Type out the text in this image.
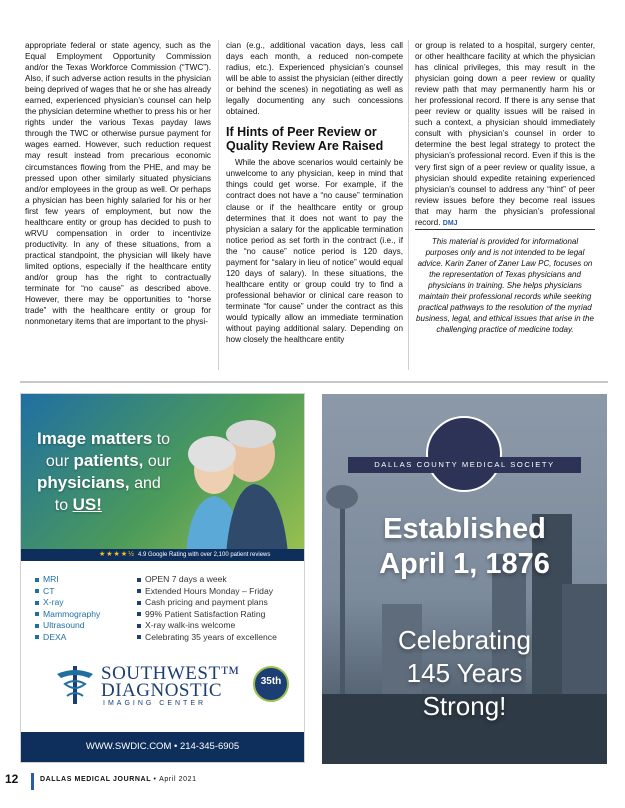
appropriate federal or state agency, such as the Equal Employment Opportunity Commission and/or the Texas Workforce Commission (“TWC”). Also, if such adverse action results in the physician being deprived of wages that he or she has already earned, experienced physician’s counsel can help the physician determine whether to press his or her rights under the various Texas payday laws through the TWC or otherwise pursue payment for wages earned. However, such reduction request may result instead from precarious economic circumstances flowing from the PHE, and may be pressed upon other similarly situated physicians and/or employees in the group as well. Or perhaps a physician has been highly salaried for his or her first few years of employment, but now the healthcare entity or group has decided to push to wRVU compensation in order to incentivize productivity. In any of these situations, from a practical standpoint, the physician will likely have limited options, especially if the healthcare entity and/or group has the right to contractually terminate for “no cause” as described above. However, there may be opportunities to “horse trade” with the healthcare entity or group for nonmonetary items that are important to the physi-

cian (e.g., additional vacation days, less call days each month, a reduced non-compete radius, etc.). Experienced physician’s counsel will be able to assist the physician (either directly or behind the scenes) in negotiating as well as legally documenting any such concessions obtained.

If Hints of Peer Review or Quality Review Are Raised

While the above scenarios would certainly be unwelcome to any physician, keep in mind that things could get worse. For example, if the contract does not have a “no cause” termination clause or if the healthcare entity or group determines that it does not want to pay the physician a salary for the applicable termination notice period as set forth in the contract (i.e., if the “no cause” notice period is 120 days, payment for “salary in lieu of notice” would equal 120 days of salary). In these situations, the healthcare entity or group could try to find a professional behavior or clinical care reason to terminate “for cause” under the contract as this would typically allow an immediate termination without paying additional salary. Depending on how closely the healthcare entity

or group is related to a hospital, surgery center, or other healthcare facility at which the physician has clinical privileges, this may result in the physician going down a peer review or quality review path that may permanently harm his or her professional record. If there is any sense that peer review or quality issues will be raised in such a context, a physician should immediately consult with physician’s counsel in order to determine the best legal strategy to protect the physician’s professional record. Even if this is the very first sign of a peer review or quality issue, a physician should expedite retaining experienced physician’s counsel to address any “hint” of peer review issues before they become real issues that may harm the physician’s professional record. DMJ

This material is provided for informational purposes only and is not intended to be legal advice. Karin Zaner of Zaner Law PC, focuses on the representation of Texas physicians and physicians in training. She helps physicians maintain their professional records while seeking practical pathways to the resolution of the myriad business, legal, and ethical issues that arise in the challenging practice of medicine today.

Image matters to
our patients, our
physicians, and
to US!
★★★★½ 4.9 Google Rating with over 2,100 patient reviews
MRI
CT
X-ray
Mammography
Ultrasound
DEXA
OPEN 7 days a week
Extended Hours Monday – Friday
Cash pricing and payment plans
99% Patient Satisfaction Rating
X-ray walk-ins welcome
Celebrating 35 years of excellence
SOUTHWEST™
DIAGNOSTIC
IMAGING CENTER
35th
WWW.SWDIC.COM • 214-345-6905
DALLAS COUNTY MEDICAL SOCIETY
Established
April 1, 1876
Celebrating
145 Years
Strong!
12	DALLAS MEDICAL JOURNAL • April 2021
